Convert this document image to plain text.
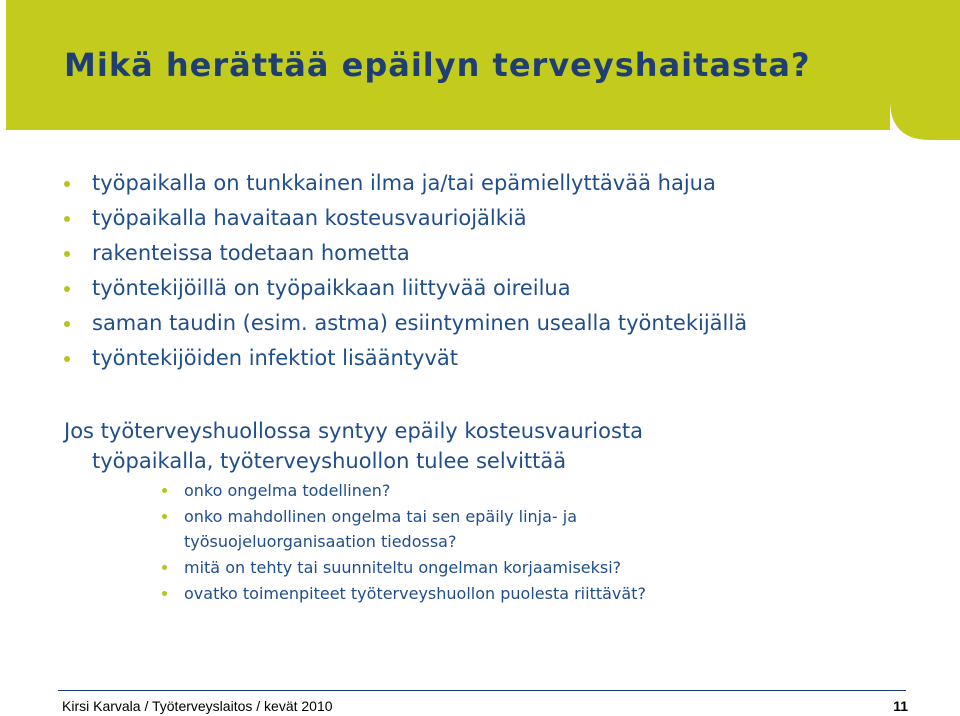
Mikä herättää epäilyn terveyshaitasta?
työpaikalla on tunkkainen ilma ja/tai epämiellyttävää hajua
työpaikalla havaitaan kosteusvauriojälkiä
rakenteissa todetaan hometta
työntekijöillä on työpaikkaan liittyvää oireilua
saman taudin (esim. astma) esiintyminen usealla työntekijällä
työntekijöiden infektiot lisääntyvät

Jos työterveyshuollossa syntyy epäily kosteusvauriosta
työpaikalla, työterveyshuollon tulee selvittää

onko ongelma todellinen?
onko mahdollinen ongelma tai sen epäily linja- ja
työsuojeluorganisaation tiedossa?
mitä on tehty tai suunniteltu ongelman korjaamiseksi?
ovatko toimenpiteet työterveyshuollon puolesta riittävät?
Kirsi Karvala / Työterveyslaitos / kevät 2010	11
